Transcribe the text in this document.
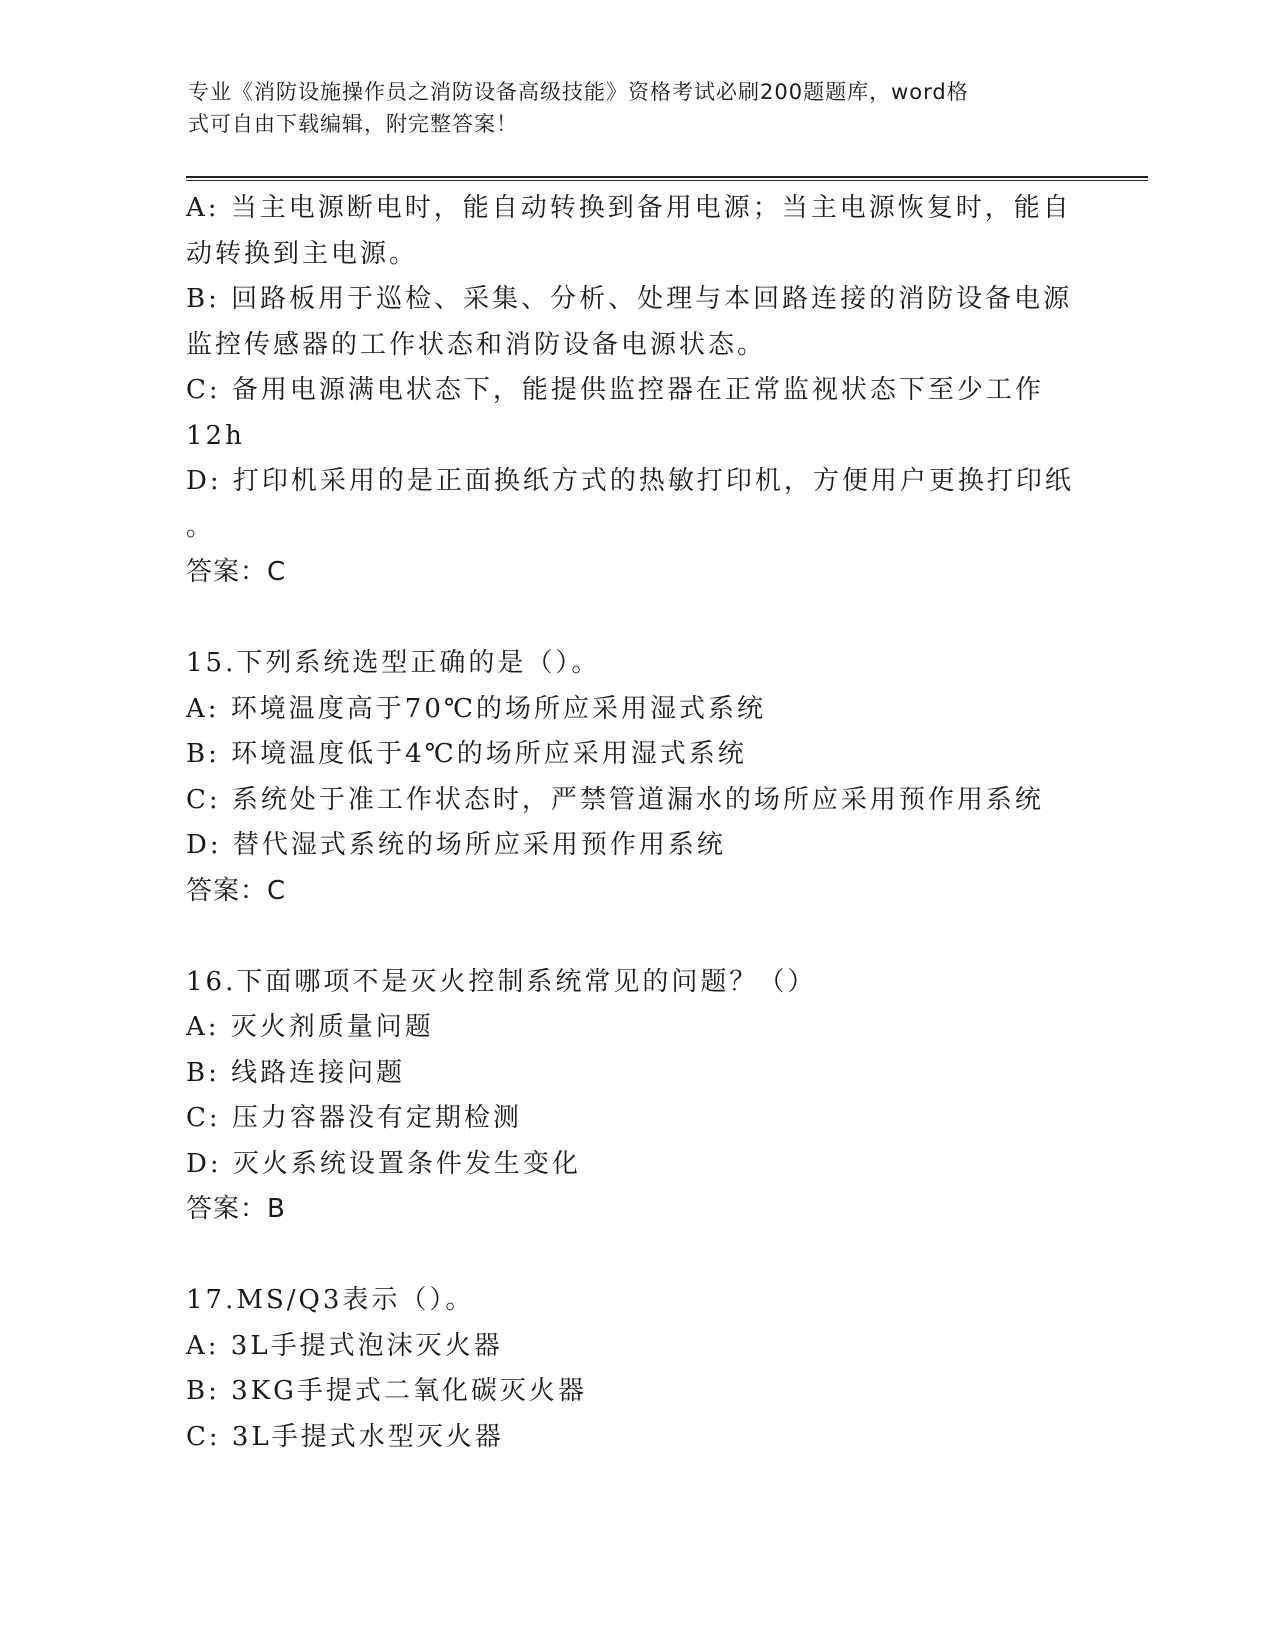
专业《消防设施操作员之消防设备高级技能》资格考试必刷200题题库，word格
式可自由下载编辑，附完整答案！
A: 当主电源断电时，能自动转换到备用电源；当主电源恢复时，能自
动转换到主电源。
B: 回路板用于巡检、采集、分析、处理与本回路连接的消防设备电源
监控传感器的工作状态和消防设备电源状态。
C: 备用电源满电状态下，能提供监控器在正常监视状态下至少工作
12h
D: 打印机采用的是正面换纸方式的热敏打印机，方便用户更换打印纸
。
答案：C
15.下列系统选型正确的是（）。
A: 环境温度高于70℃的场所应采用湿式系统
B: 环境温度低于4℃的场所应采用湿式系统
C: 系统处于准工作状态时，严禁管道漏水的场所应采用预作用系统
D: 替代湿式系统的场所应采用预作用系统
答案：C
16.下面哪项不是灭火控制系统常见的问题？（）
A: 灭火剂质量问题
B: 线路连接问题
C: 压力容器没有定期检测
D: 灭火系统设置条件发生变化
答案：B
17.MS/Q3表示（）。
A: 3L手提式泡沫灭火器
B: 3KG手提式二氧化碳灭火器
C: 3L手提式水型灭火器
